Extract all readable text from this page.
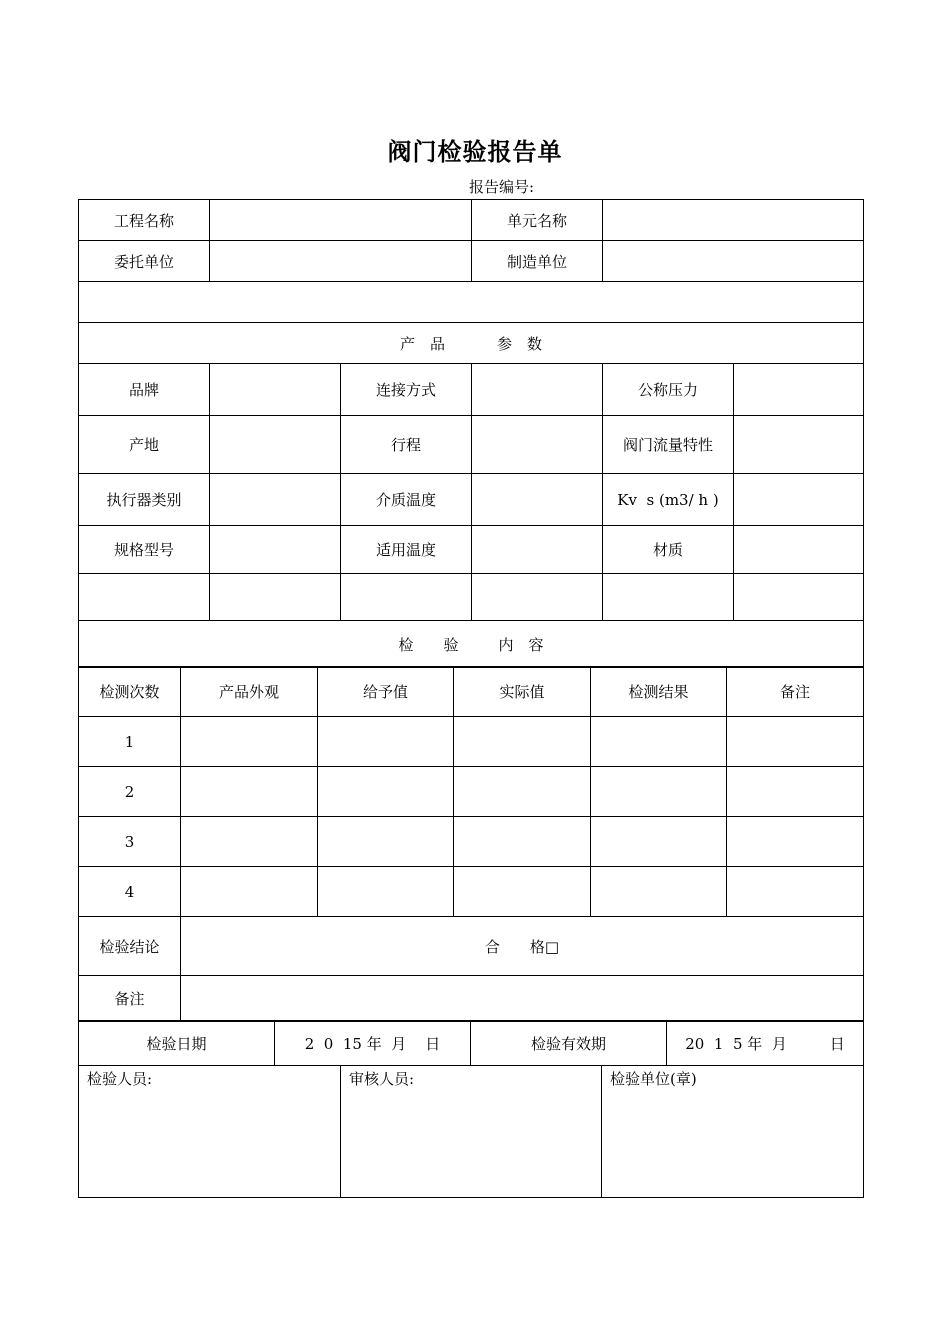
阀门检验报告单
报告编号:
工程名称			单元名称		
委托单位			制造单位		

产　品 参　数					
品牌		连接方式		公称压力	
产地		行程		阀门流量特性	
执行器类别		介质温度		Kv  s (m3/ h )	
规格型号		适用温度		材质	

检　　验 内　容					
检测次数	产品外观	给予值	实际值	检测结果	备注
1					
2					
3					
4					
检验结论	合　　格□				
备注					
检验日期	2  0  15 年  月    日	检验有效期	20  1  5 年  月         日
检验人员:	审核人员:	检验单位(章)
